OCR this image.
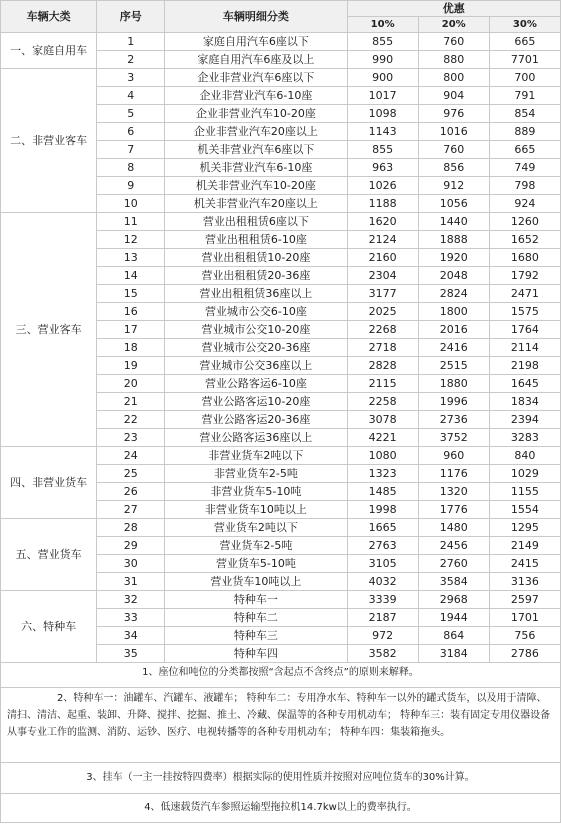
车辆大类	序号	车辆明细分类	优惠		
			10%	20%	30%
一、家庭自用车	1	家庭自用汽车6座以下	855	760	665
	2	家庭自用汽车6座及以上	990	880	7701
二、非营业客车	3	企业非营业汽车6座以下	900	800	700
	4	企业非营业汽车6-10座	1017	904	791
	5	企业非营业汽车10-20座	1098	976	854
	6	企业非营业汽车20座以上	1143	1016	889
	7	机关非营业汽车6座以下	855	760	665
	8	机关非营业汽车6-10座	963	856	749
	9	机关非营业汽车10-20座	1026	912	798
	10	机关非营业汽车20座以上	1188	1056	924
三、营业客车	11	营业出租租赁6座以下	1620	1440	1260
	12	营业出租租赁6-10座	2124	1888	1652
	13	营业出租租赁10-20座	2160	1920	1680
	14	营业出租租赁20-36座	2304	2048	1792
	15	营业出租租赁36座以上	3177	2824	2471
	16	营业城市公交6-10座	2025	1800	1575
	17	营业城市公交10-20座	2268	2016	1764
	18	营业城市公交20-36座	2718	2416	2114
	19	营业城市公交36座以上	2828	2515	2198
	20	营业公路客运6-10座	2115	1880	1645
	21	营业公路客运10-20座	2258	1996	1834
	22	营业公路客运20-36座	3078	2736	2394
	23	营业公路客运36座以上	4221	3752	3283
四、非营业货车	24	非营业货车2吨以下	1080	960	840
	25	非营业货车2-5吨	1323	1176	1029
	26	非营业货车5-10吨	1485	1320	1155
	27	非营业货车10吨以上	1998	1776	1554
五、营业货车	28	营业货车2吨以下	1665	1480	1295
	29	营业货车2-5吨	2763	2456	2149
	30	营业货车5-10吨	3105	2760	2415
	31	营业货车10吨以上	4032	3584	3136
六、特种车	32	特种车一	3339	2968	2597
	33	特种车二	2187	1944	1701
	34	特种车三	972	864	756
	35	特种车四	3582	3184	2786
1、座位和吨位的分类都按照“含起点不含终点”的原则来解释。
2、特种车一：油罐车、汽罐车、液罐车； 特种车二：专用净水车、特种车一以外的罐式货车，以及用于清障、清扫、清洁、起重、装卸、升降、搅拌、挖掘、推土、冷藏、保温等的各种专用机动车； 特种车三：装有固定专用仪器设备从事专业工作的监测、消防、运钞、医疗、电视转播等的各种专用机动车； 特种车四：集装箱拖头。
3、挂车（一主一挂按特四费率）根据实际的使用性质并按照对应吨位货车的30%计算。
4、低速载货汽车参照运输型拖拉机14.7kw以上的费率执行。
